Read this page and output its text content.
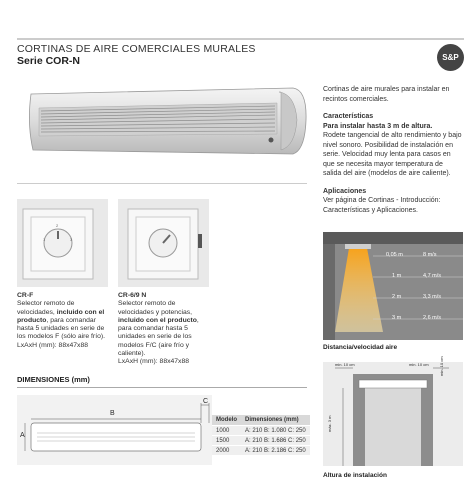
CORTINAS DE AIRE COMERCIALES MURALES
Serie COR-N	S&P

Cortinas de aire murales para instalar en recintos comerciales.

Características
Para instalar hasta 3 m de altura.

Rodete tangencial de alto rendimiento y bajo nivel sonoro. Posibilidad de instalación en serie. Velocidad muy lenta para casos en que se necesita mayor temperatura de salida del aire (modelos de aire caliente).

Aplicaciones

Ver página de Cortinas - Introducción: Características y Aplicaciones.

1
2
3
CR-F
Selector remoto de velocidades, incluido con el producto, para comandar hasta 5 unidades en serie de los modelos F (sólo aire frío).
LxAxH (mm): 88x47x88
CR-6/9 N
Selector remoto de velocidades y potencias, incluido con el producto, para comandar hasta 5 unidades en serie de los modelos F/C (aire frío y caliente).
LxAxH (mm): 88x47x88
0,05 m	8 m/s
1 m	4,7 m/s
2 m	3,3 m/s
3 m	2,6 m/s
Distancia/velocidad aire
DIMENSIONES (mm)
A
B
C
Modelo	Dimensiones (mm)
1000	A: 210 B: 1.080 C: 250
1500	A: 210 B: 1.686 C: 250
2000	A: 210 B: 2.186 C: 250
min. 10 cm	min. 10 cm	min. 10 cm
máx. 3 m
Altura de instalación
